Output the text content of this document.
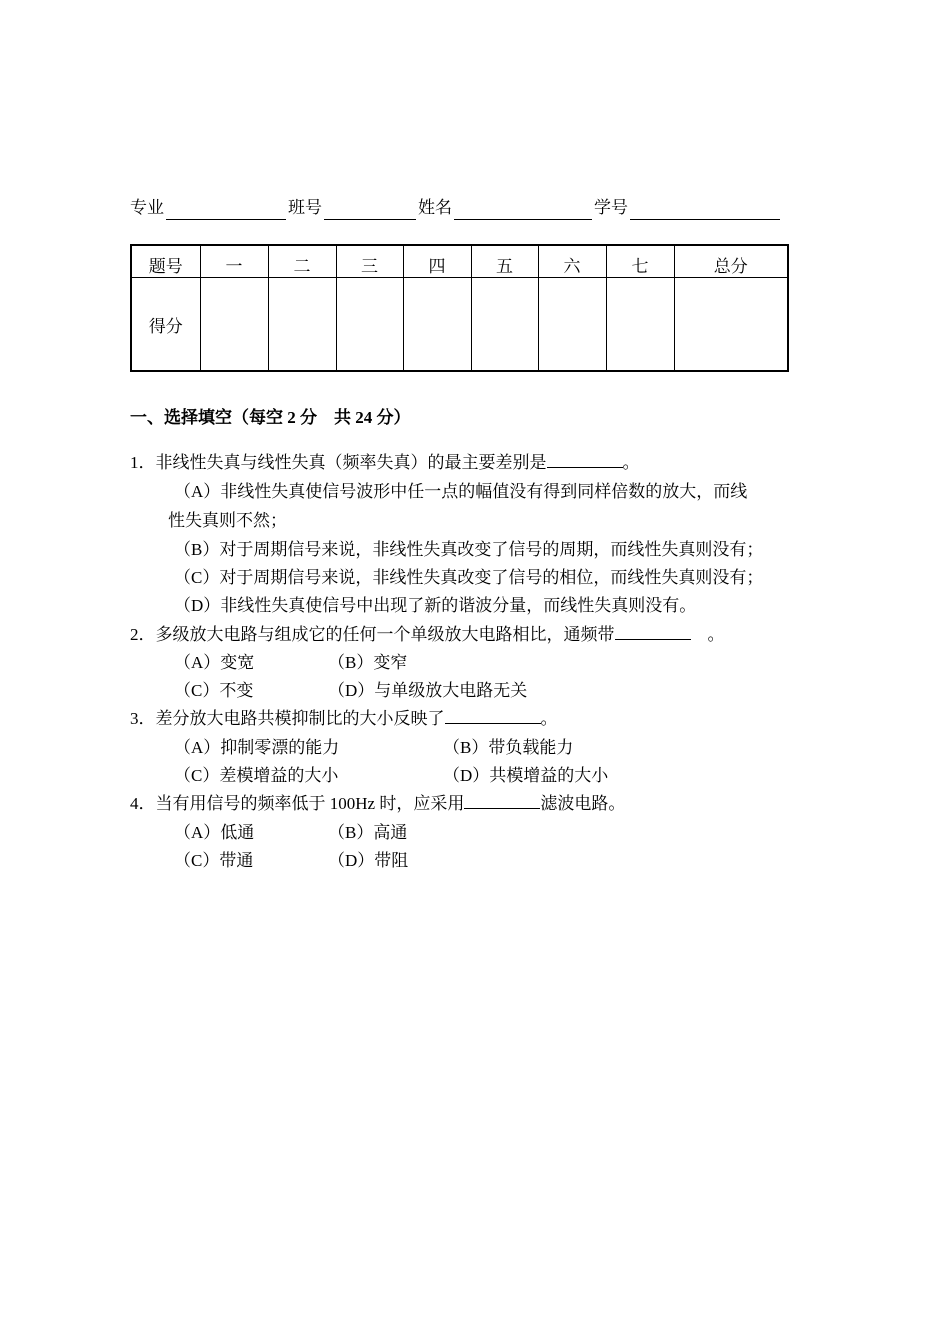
专业	班号	姓名	学号
题号	一	二	三	四	五	六	七	总分
得分								
一、选择填空（每空 2 分　共 24 分）
1．非线性失真与线性失真（频率失真）的最主要差别是	。
（A）非线性失真使信号波形中任一点的幅值没有得到同样倍数的放大，而线
性失真则不然；
（B）对于周期信号来说，非线性失真改变了信号的周期，而线性失真则没有；
（C）对于周期信号来说，非线性失真改变了信号的相位，而线性失真则没有；
（D）非线性失真使信号中出现了新的谐波分量，而线性失真则没有。
2．多级放大电路与组成它的任何一个单级放大电路相比，通频带	　。
（A）变宽	（B）变窄
（C）不变	（D）与单级放大电路无关
3．差分放大电路共模抑制比的大小反映了	。
（A）抑制零漂的能力	（B）带负载能力
（C）差模增益的大小	（D）共模增益的大小
4．当有用信号的频率低于 100Hz 时，应采用	滤波电路。
（A）低通	（B）高通
（C）带通	（D）带阻
